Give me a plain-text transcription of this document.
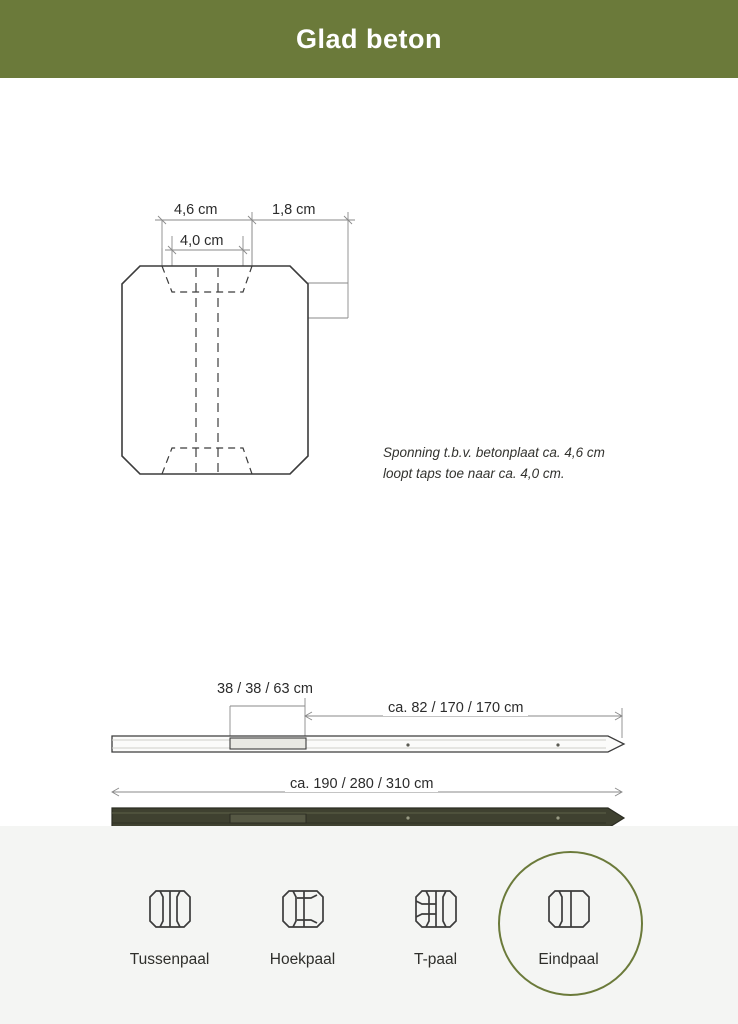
Glad beton
4,6 cm
4,0 cm
1,8 cm
Sponning t.b.v. betonplaat ca. 4,6 cm loopt taps toe naar ca. 4,0 cm.
38 / 38 / 63 cm
ca. 82 / 170 / 170 cm
ca. 190 / 280 / 310 cm
Tussenpaal	Hoekpaal	T-paal	Eindpaal
